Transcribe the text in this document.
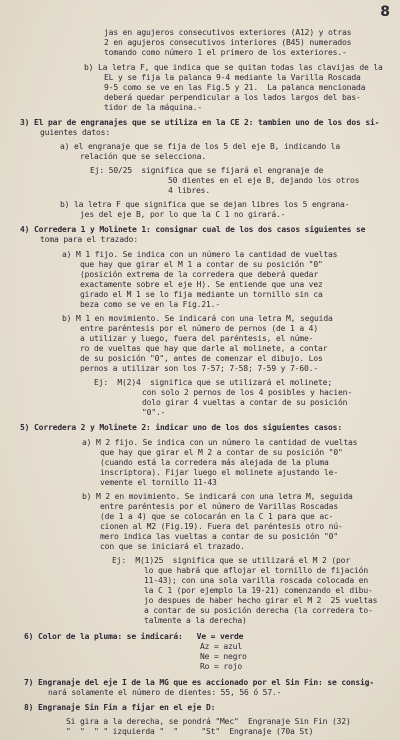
8
jas en agujeros consecutivos exteriores (A12) y otras
2 en agujeros consecutivos interiores (B45) numerados
tomando como número 1 el primero de los exteriores.-
b) La letra F, que indica que se quitan todas las clavijas de la
EL y se fija la palanca 9-4 mediante la Varilla Roscada
9-5 como se ve en las Fig.5 y 21.  La palanca mencionada
deberá quedar perpendicular a los lados largos del bas-
tidor de la máquina.-
3) El par de engranajes que se utiliza en la CE 2: tambien uno de los dos si-
guientes datos:
a) el engranaje que se fija de los 5 del eje B, indicando la
relación que se selecciona.
Ej: 50/25  significa que se fijará el engranaje de
50 dientes en el eje B, dejando los otros
4 libres.
b) la letra F que significa que se dejan libres los 5 engrana-
jes del eje B, por lo que la C 1 no girará.-
4) Corredera 1 y Molinete 1: consignar cual de los dos casos siguientes se
toma para el trazado:
a) M 1 fijo. Se indica con un número la cantidad de vueltas
que hay que girar el M 1 a contar de su posición "0"
(posición extrema de la corredera que deberá quedar
exactamente sobre el eje H). Se entiende que una vez
girado el M 1 se lo fija mediante un tornillo sin ca
beza como se ve en la Fig.21.-
b) M 1 en movimiento. Se indicará con una letra M, seguida
entre paréntesis por el número de pernos (de 1 a 4)
a utilizar y luego, fuera del paréntesis, el núme-
ro de vueltas que hay que darle al molinete, a contar
de su posición "0", antes de comenzar el dibujo. Los
pernos a utilizar son los 7-57; 7-58; 7-59 y 7-60.-
Ej:  M(2)4  significa que se utilizará el molinete;
con solo 2 pernos de los 4 posibles y hacien-
dolo girar 4 vueltas a contar de su posición
"0".-
5) Corredera 2 y Molinete 2: indicar uno de los dos siguientes casos:
a) M 2 fijo. Se indica con un número la cantidad de vueltas
que hay que girar el M 2 a contar de su posición "0"
(cuando está la corredera más alejada de la pluma
inscriptora). Fijar luego el molinete ajustando le-
vemente el tornillo 11-43
b) M 2 en movimiento. Se indicará con una letra M, seguida
entre paréntesis por el número de Varillas Roscadas
(de 1 a 4) que se colocarán en la C 1 para que ac-
cionen al M2 (Fig.19). Fuera del paréntesis otro nú-
mero indica las vueltas a contar de su posición "0"
con que se iniciará el trazado.
Ej:  M(1)25  significa que se utilizará el M 2 (por
lo que habrá que aflojar el tornillo de fijación
11-43); con una sola varilla roscada colocada en
la C 1 (por ejemplo la 19-21) comenzando el dibu-
jo despues de haber hecho girar el M 2  25 vueltas
a contar de su posición derecha (la corredera to-
talmente a la derecha)
6) Color de la pluma: se indicará:   Ve = verde
Az = azul
Ne = negro
Ro = rojo
7) Engranaje del eje I de la MG que es accionado por el Sin Fin: se consig-
nará solamente el número de dientes: 55, 56 ó 57.-
8) Engranaje Sin Fin a fijar en el eje D:
Si gira a la derecha, se pondrá "Mec"  Engranaje Sin Fin (32)
"  "  " " izquierda "  "     "St"  Engranaje (70a St)
